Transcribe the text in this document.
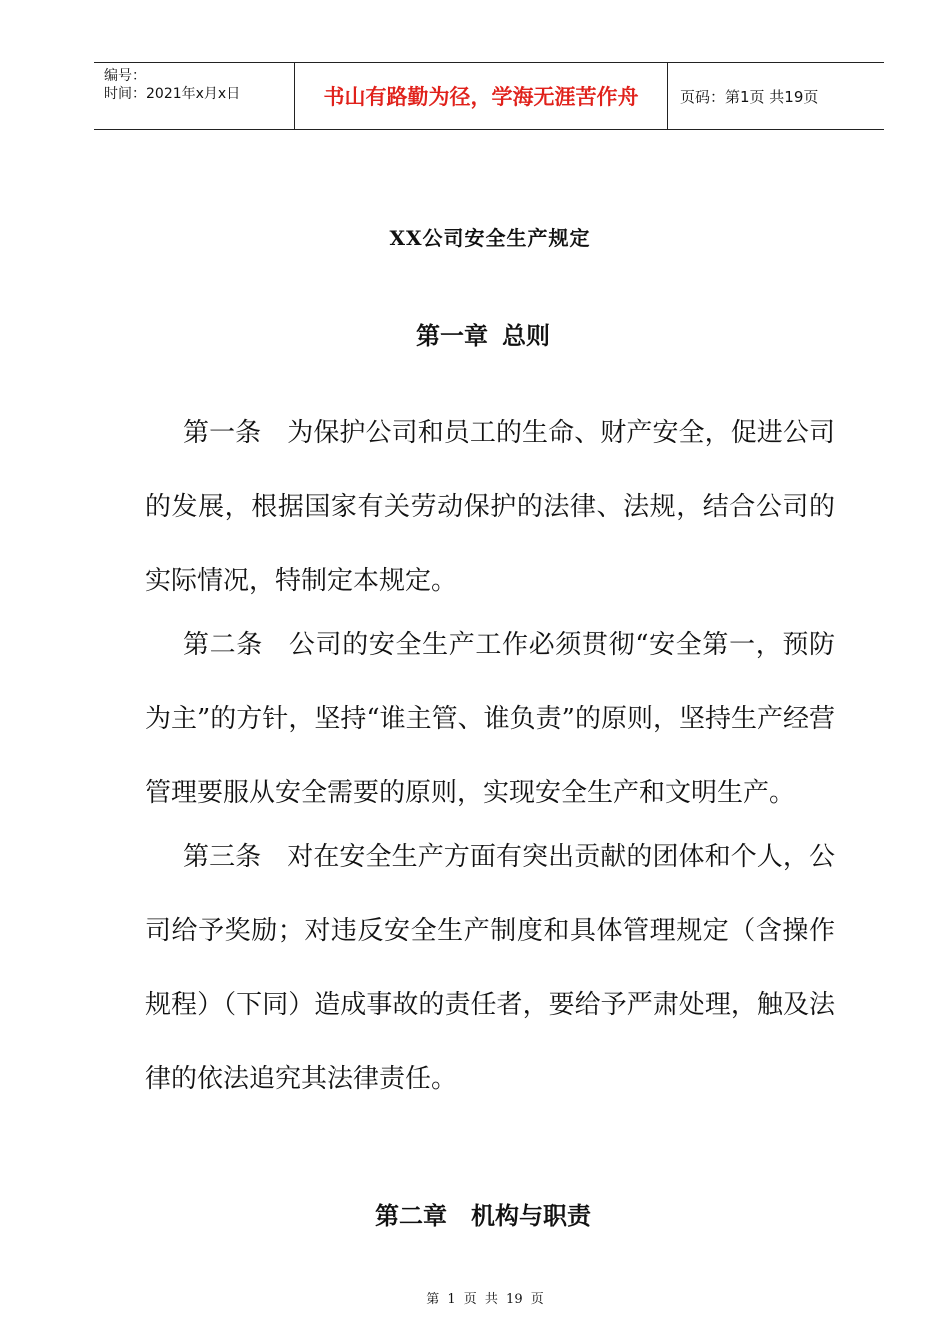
编号：
时间：2021年x月x日	书山有路勤为径，学海无涯苦作舟	页码：第1页 共19页
XX公司安全生产规定
第一章 总则

第一条 为保护公司和员工的生命、财产安全，促进公司的发展，根据国家有关劳动保护的法律、法规，结合公司的实际情况，特制定本规定。

第二条 公司的安全生产工作必须贯彻“安全第一，预防为主”的方针，坚持“谁主管、谁负责”的原则，坚持生产经营管理要服从安全需要的原则，实现安全生产和文明生产。

第三条 对在安全生产方面有突出贡献的团体和个人，公司给予奖励；对违反安全生产制度和具体管理规定（含操作规程）（下同）造成事故的责任者，要给予严肃处理，触及法律的依法追究其法律责任。

第二章 机构与职责
第 1 页 共 19 页
